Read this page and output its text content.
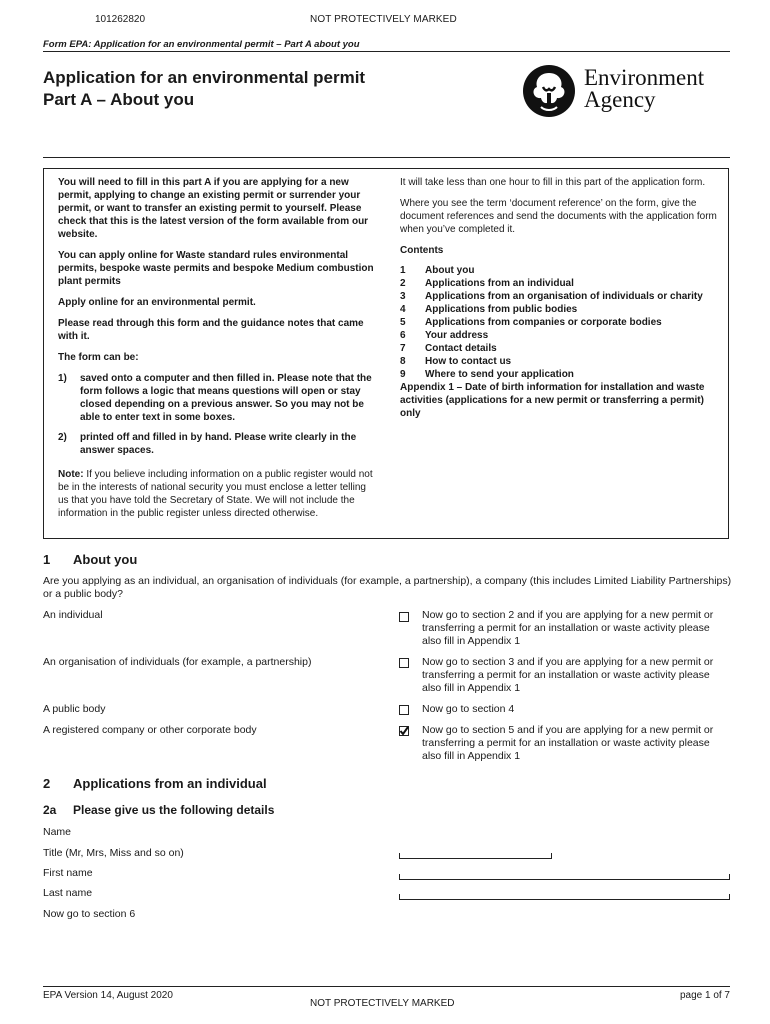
101262820	NOT PROTECTIVELY MARKED
Form EPA: Application for an environmental permit – Part A about you
Application for an environmental permit
Part A – About you
Environment
Agency

You will need to fill in this part A if you are applying for a new permit, applying to change an existing permit or surrender your permit, or want to transfer an existing permit to yourself. Please check that this is the latest version of the form available from our website.

You can apply online for Waste standard rules environmental permits, bespoke waste permits and bespoke Medium combustion plant permits

Apply online for an environmental permit.

Please read through this form and the guidance notes that came with it.

The form can be:

1)	saved onto a computer and then filled in. Please note that the form follows a logic that means questions will open or stay closed depending on a previous answer. So you may not be able to enter text in some boxes.
2)	printed off and filled in by hand. Please write clearly in the answer spaces.

Note: If you believe including information on a public register would not be in the interests of national security you must enclose a letter telling us that you have told the Secretary of State. We will not include the information in the public register unless directed otherwise.

It will take less than one hour to fill in this part of the application form.

Where you see the term ‘document reference’ on the form, give the document references and send the documents with the application form when you’ve completed it.

Contents
1	About you
2	Applications from an individual
3	Applications from an organisation of individuals or charity
4	Applications from public bodies
5	Applications from companies or corporate bodies
6	Your address
7	Contact details
8	How to contact us
9	Where to send your application
Appendix 1 – Date of birth information for installation and waste activities (applications for a new permit or transferring a permit) only
1 About you
Are you applying as an individual, an organisation of individuals (for example, a partnership), a company (this includes Limited Liability Partnerships) or a public body?
An individual	Now go to section 2 and if you are applying for a new permit or transferring a permit for an installation or waste activity please also fill in Appendix 1
An organisation of individuals (for example, a partnership)	Now go to section 3 and if you are applying for a new permit or transferring a permit for an installation or waste activity please also fill in Appendix 1
A public body	Now go to section 4
A registered company or other corporate body	Now go to section 5 and if you are applying for a new permit or transferring a permit for an installation or waste activity please also fill in Appendix 1
2 Applications from an individual
2a Please give us the following details
Name
Title (Mr, Mrs, Miss and so on)
First name
Last name
Now go to section 6
EPA Version 14, August 2020	page 1 of 7
NOT PROTECTIVELY MARKED
